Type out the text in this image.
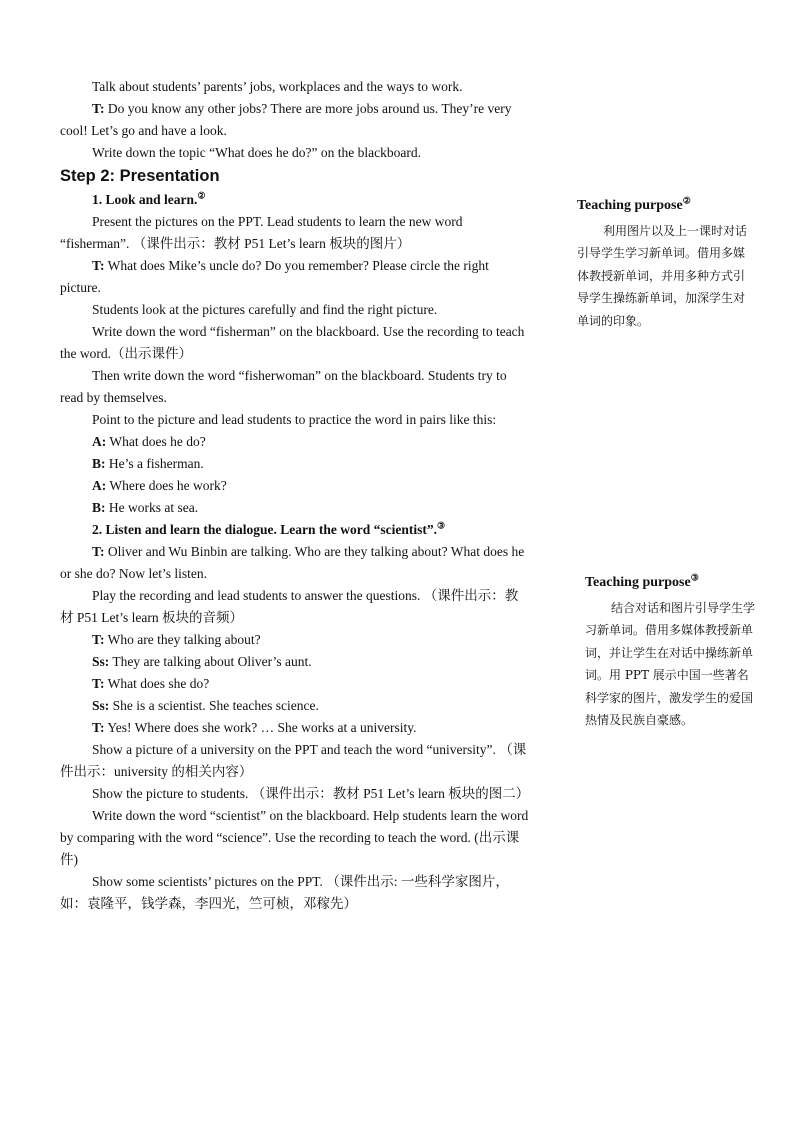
Talk about students’ parents’ jobs, workplaces and the ways to work.

T: Do you know any other jobs? There are more jobs around us. They’re very cool! Let’s go and have a look.

Write down the topic “What does he do?” on the blackboard.

Step 2: Presentation

1. Look and learn.②

Present the pictures on the PPT. Lead students to learn the new word “fisherman”. （课件出示：教材 P51 Let’s learn 板块的图片）

T: What does Mike’s uncle do? Do you remember? Please circle the right picture.

Students look at the pictures carefully and find the right picture.

Write down the word “fisherman” on the blackboard. Use the recording to teach the word.（出示课件）

Then write down the word “fisherwoman” on the blackboard. Students try to read by themselves.

Point to the picture and lead students to practice the word in pairs like this:

A: What does he do?

B: He’s a fisherman.

A: Where does he work?

B: He works at sea.

2. Listen and learn the dialogue. Learn the word “scientist”.③

T: Oliver and Wu Binbin are talking. Who are they talking about? What does he or she do? Now let’s listen.

Play the recording and lead students to answer the questions. （课件出示：教材 P51 Let’s learn 板块的音频）

T: Who are they talking about?

Ss: They are talking about Oliver’s aunt.

T: What does she do?

Ss: She is a scientist. She teaches science.

T: Yes! Where does she work? … She works at a university.

Show a picture of a university on the PPT and teach the word “university”. （课件出示：university 的相关内容）

Show the picture to students. （课件出示：教材 P51 Let’s learn 板块的图二）

Write down the word “scientist” on the blackboard. Help students learn the word by comparing with the word “science”. Use the recording to teach the word. (出示课件)

Show some scientists’ pictures on the PPT. （课件出示: 一些科学家图片，如：袁隆平，钱学森，李四光，竺可桢，邓稼先）

Teaching purpose②

利用图片以及上一课时对话引导学生学习新单词。借用多媒体教授新单词，并用多种方式引导学生操练新单词，加深学生对单词的印象。

Teaching purpose③

结合对话和图片引导学生学习新单词。借用多媒体教授新单词，并让学生在对话中操练新单词。用 PPT 展示中国一些著名科学家的图片，激发学生的爱国热情及民族自豪感。
